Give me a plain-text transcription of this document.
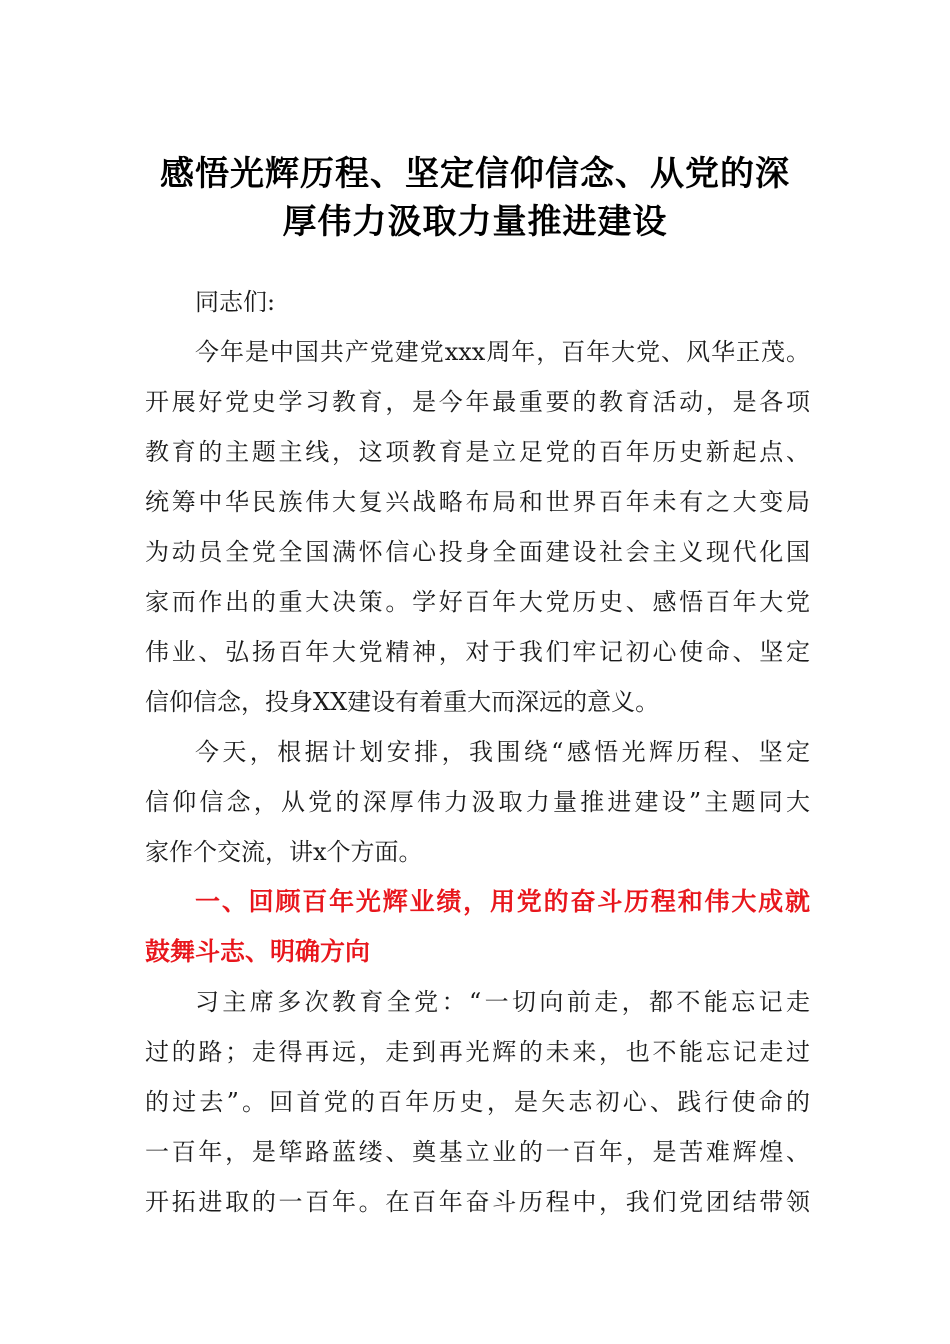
感悟光辉历程、坚定信仰信念、从党的深
厚伟力汲取力量推进建设
同志们:
今年是中国共产党建党xxx周年，百年大党、风华正茂。
开展好党史学习教育，是今年最重要的教育活动，是各项
教育的主题主线，这项教育是立足党的百年历史新起点、
统筹中华民族伟大复兴战略布局和世界百年未有之大变局
为动员全党全国满怀信心投身全面建设社会主义现代化国
家而作出的重大决策。学好百年大党历史、感悟百年大党
伟业、弘扬百年大党精神，对于我们牢记初心使命、坚定
信仰信念，投身XX建设有着重大而深远的意义。
今天，根据计划安排，我围绕“感悟光辉历程、坚定
信仰信念，从党的深厚伟力汲取力量推进建设”主题同大
家作个交流，讲x个方面。
一、回顾百年光辉业绩，用党的奋斗历程和伟大成就
鼓舞斗志、明确方向
习主席多次教育全党：“一切向前走，都不能忘记走
过的路；走得再远，走到再光辉的未来，也不能忘记走过
的过去”。回首党的百年历史，是矢志初心、践行使命的
一百年，是筚路蓝缕、奠基立业的一百年，是苦难辉煌、
开拓进取的一百年。在百年奋斗历程中，我们党团结带领
